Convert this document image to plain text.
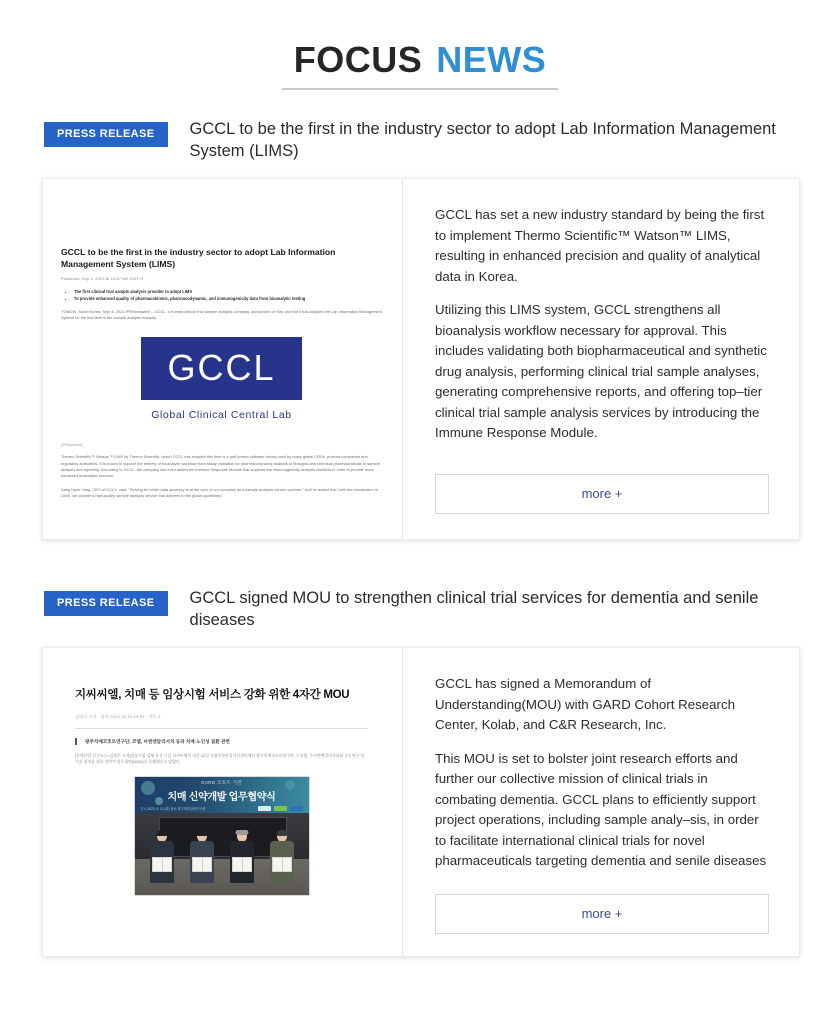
FOCUS NEWS
PRESS RELEASE	GCCL to be the first in the industry sector to adopt Lab Information Management System (LIMS)
GCCL to be the first in the industry sector to adopt Lab Information Management System (LIMS)
Published: Sep 3, 2023 at 10:57 AM GMT+9
• The first clinical trial sample analysis provider to adopt LIMS
• To provide enhanced quality of pharmacokinetic, pharmacodynamic, and immunogenicity data from bioanalytic testing
YONGIN, South Korea, Sept 4, 2023 /PRNewswire/ -- GCCL, a Korean clinical trial sample analysis company, announced on Sep 3rd that it has adopted the Lab Information Management System for the first time in the sample analysis industry.
GCCL
Global Clinical Central Lab
(PRNewswire)
Thermo Scientific™ Watson™ LIMS by Thermo Scientific, which GCCL has adopted this time is a well-known software widely used by many global CROs, pharma companies and regulatory authorities. It is known to support the entirety of bioanalytic workflow from assay validation for pharmacodynamic analysis of biologics and chemical pharmaceuticals to sample analysis and reporting. According to GCCL, the company has even added the Immune Response Module that supports the immunogenicity analysis workflow in order to provide more enhanced bioanalytic services.
Sang Hyun Yang, CEO of GCCL, said, "Striving for better data accuracy is at the core of our company as a sample analysis service provider." And he added that "with the introduction of LIMS, we provide a high-quality sample analysis service that adheres to the global guidelines".

GCCL has set a new industry standard by being the first to implement Thermo Scientific™ Watson™ LIMS, resulting in enhanced precision and quality of analytical data in Korea.

Utilizing this LIMS system, GCCL strengthens all bioanalysis workflow necessary for approval. This includes validating both biopharmaceutical and synthetic drug analysis, performing clinical trial sample analyses, generating comprehensive reports, and offering top–tier clinical trial sample analysis services by introducing the Immune Response Module.

more +
PRESS RELEASE	GCCL signed MOU to strengthen clinical trial services for dementia and senile diseases
지씨씨엘, 치매 등 임상시험 서비스 강화 위한 4자간 MOU
김명지 기자 · 입력 2023.09.13 09:54 · 댓글 0
광주치매코호트연구단, 코랩, 씨앤앤알리서치 등과 치매·노인성 질환 관련
[한약산업 일간뉴스=김명주 기자]임상시험 검체 분석 기업 지씨씨엘이 지난 12일 고령친화산업지원센터에서 광주치매코호트연구단, 주코랩, 주씨앤앤알리서치와 공동연구 및 기술 협력을 위한 전략적 업무협약(MOU)를 통해했다고 밝혔다.
GARD 코호트 기반
치매 신약개발 업무협약식
일시 2023. 9. 12.(화) 장소 광주계획상담연구원

GCCL has signed a Memorandum of Understanding(MOU) with GARD Cohort Research Center, Kolab, and C&R Research, Inc.

This MOU is set to bolster joint research efforts and further our collective mission of clinical trials in combating dementia. GCCL plans to efficiently support project operations, including sample analy–sis, in order to facilitate international clinical trials for novel pharmaceuticals targeting dementia and senile diseases

more +
